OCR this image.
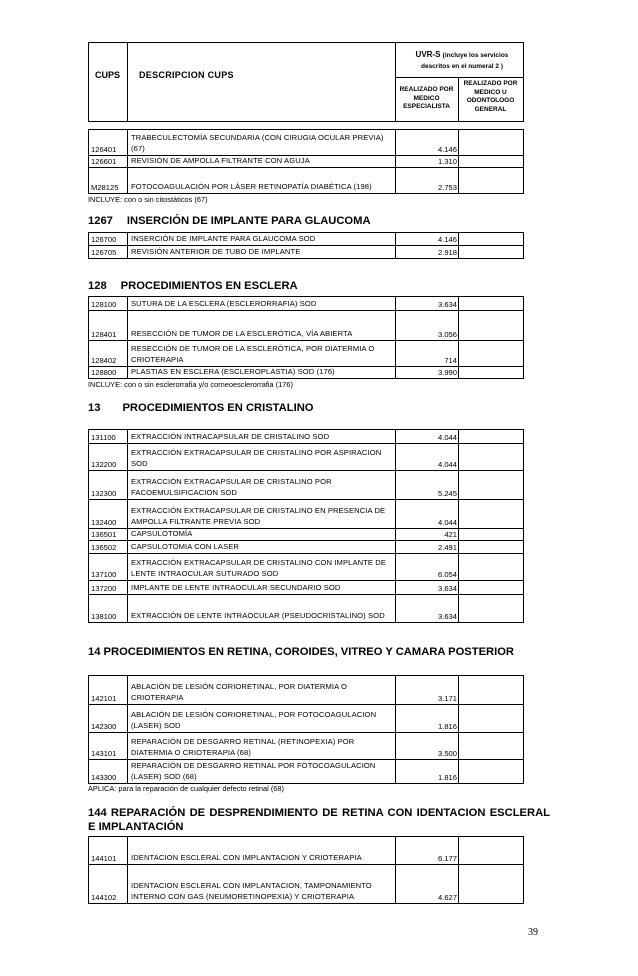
CUPS DESCRIPCION CUPS
UVR-S (incluye los servicios descritos en el numeral 2 )
REALIZADO POR MEDICO ESPECIALISTA
REALIZADO POR MEDICO U ODONTOLOGO GENERAL
126401
TRABECULECTOMÍA SECUNDARIA (CON CIRUGIA OCULAR PREVIA) (67)	4.146
126601 REVISIÓN DE AMPOLLA FILTRANTE CON AGUJA	1.310
M28125 FOTOCOAGULACIÓN POR LÀSER RETINOPATÍA DIABÉTICA (198)	2.753
INCLUYE: con o sin citostáticos (67)
1267 INSERCIÓN DE IMPLANTE PARA GLAUCOMA
126700 INSERCIÓN DE IMPLANTE PARA GLAUCOMA SOD	4.146
126705 REVISIÓN ANTERIOR DE TUBO DE IMPLANTE	2.918
128 PROCEDIMIENTOS EN ESCLERA
128100 SUTURA DE LA ESCLERA (ESCLERORRAFIA) SOD	3.634
128401 RESECCIÓN DE TUMOR DE LA ESCLERÓTICA, VÍA ABIERTA	3.056
128402
RESECCIÓN DE TUMOR DE LA ESCLERÓTICA, POR DIATERMIA O CRIOTERAPIA	714
128800 PLASTIAS EN ESCLERA (ESCLEROPLASTIA) SOD (176)	3.990
INCLUYE: con o sin esclerorrafia y/o corneoesclerorrafia (176)
13 PROCEDIMIENTOS EN CRISTALINO
131100 EXTRACCIÓN INTRACAPSULAR DE CRISTALINO SOD	4.044
132200
EXTRACCIÓN EXTRACAPSULAR DE CRISTALINO POR ASPIRACION SOD	4.044
132300
EXTRACCIÓN EXTRACAPSULAR DE CRISTALINO POR FACOEMULSIFICACION SOD	5.245
132400
EXTRACCIÓN EXTRACAPSULAR DE CRISTALINO EN PRESENCIA DE AMPOLLA FILTRANTE PREVIA SOD	4.044
136501 CAPSULOTOMÍA	421
136502 CAPSULOTOMIA CON LASER	2.491
137100
EXTRACCIÓN EXTRACAPSULAR DE CRISTALINO CON IMPLANTE DE LENTE INTRAOCULAR SUTURADO SOD	6.054
137200 IMPLANTE DE LENTE INTRAOCULAR SECUNDARIO SOD	3.634
138100 EXTRACCIÓN DE LENTE INTRAOCULAR (PSEUDOCRISTALINO) SOD	3.634
14 PROCEDIMIENTOS EN RETINA, COROIDES, VITREO Y CAMARA POSTERIOR
142101
ABLACIÓN DE LESIÓN CORIORETINAL, POR DIATERMIA O CRIOTERAPIA	3.171
142300
ABLACIÓN DE LESIÓN CORIORETINAL, POR FOTOCOAGULACION (LASER) SOD	1.816
143101
REPARACIÓN DE DESGARRO RETINAL (RETINOPEXIA) POR DIATERMIA O CRIOTERAPIA (68)	3.500
143300
REPARACIÓN DE DESGARRO RETINAL POR FOTOCOAGULACION (LASER) SOD (68)	1.816
APLICA: para la reparación de cualquier defecto retinal (68)
144 REPARACIÓN DE DESPRENDIMIENTO DE RETINA CON IDENTACION ESCLERAL E IMPLANTACIÓN
144101 IDENTACION ESCLERAL CON IMPLANTACION Y CRIOTERAPIA	6.177
144102
IDENTACION ESCLERAL CON IMPLANTACION, TAMPONAMIENTO INTERNO CON GAS (NEUMORETINOPEXIA) Y CRIOTERAPIA	4.627
39
